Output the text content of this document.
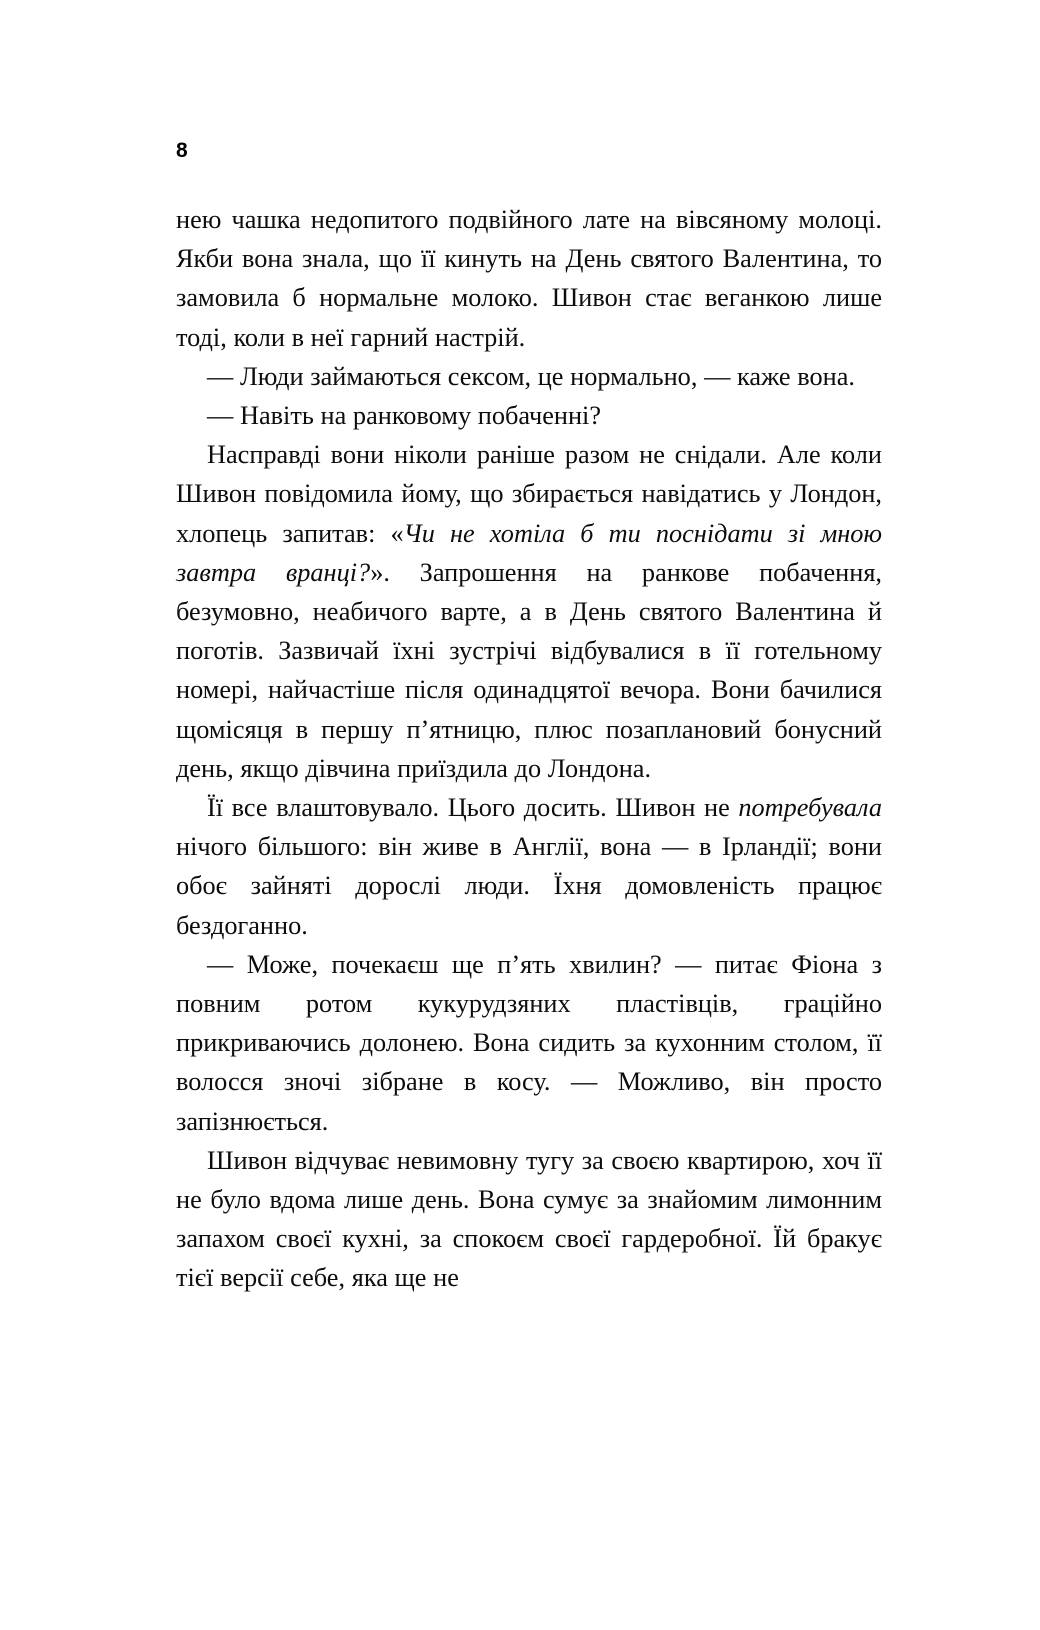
8

нею чашка недопитого подвійного лате на вівсяному молоці. Якби вона знала, що її кинуть на День святого Валентина, то замовила б нормальне молоко. Шивон стає веганкою лише тоді, коли в неї гарний настрій.

— Люди займаються сексом, це нормально, — каже вона.

— Навіть на ранковому побаченні?

Насправді вони ніколи раніше разом не снідали. Але коли Шивон повідомила йому, що збирається навідатись у Лондон, хлопець запитав: «Чи не хотіла б ти поснідати зі мною завтра вранці?». Запрошення на ранкове побачення, безумовно, неабичого варте, а в День святого Валентина й поготів. Зазвичай їхні зустрічі відбувалися в її готельному номері, найчастіше після одинадцятої вечора. Вони бачилися щомісяця в першу п’ятницю, плюс позаплановий бонусний день, якщо дівчина приїздила до Лондона.

Її все влаштовувало. Цього досить. Шивон не потребувала нічого більшого: він живе в Англії, вона — в Ірландії; вони обоє зайняті дорослі люди. Їхня домовленість працює бездоганно.

— Може, почекаєш ще п’ять хвилин? — питає Фіона з повним ротом кукурудзяних пластівців, граційно прикриваючись долонею. Вона сидить за кухонним столом, її волосся зночі зібране в косу. — Можливо, він просто запізнюється.

Шивон відчуває невимовну тугу за своєю квартирою, хоч її не було вдома лише день. Вона сумує за знайомим лимонним запахом своєї кухні, за спокоєм своєї гардеробної. Їй бракує тієї версії себе, яка ще не
